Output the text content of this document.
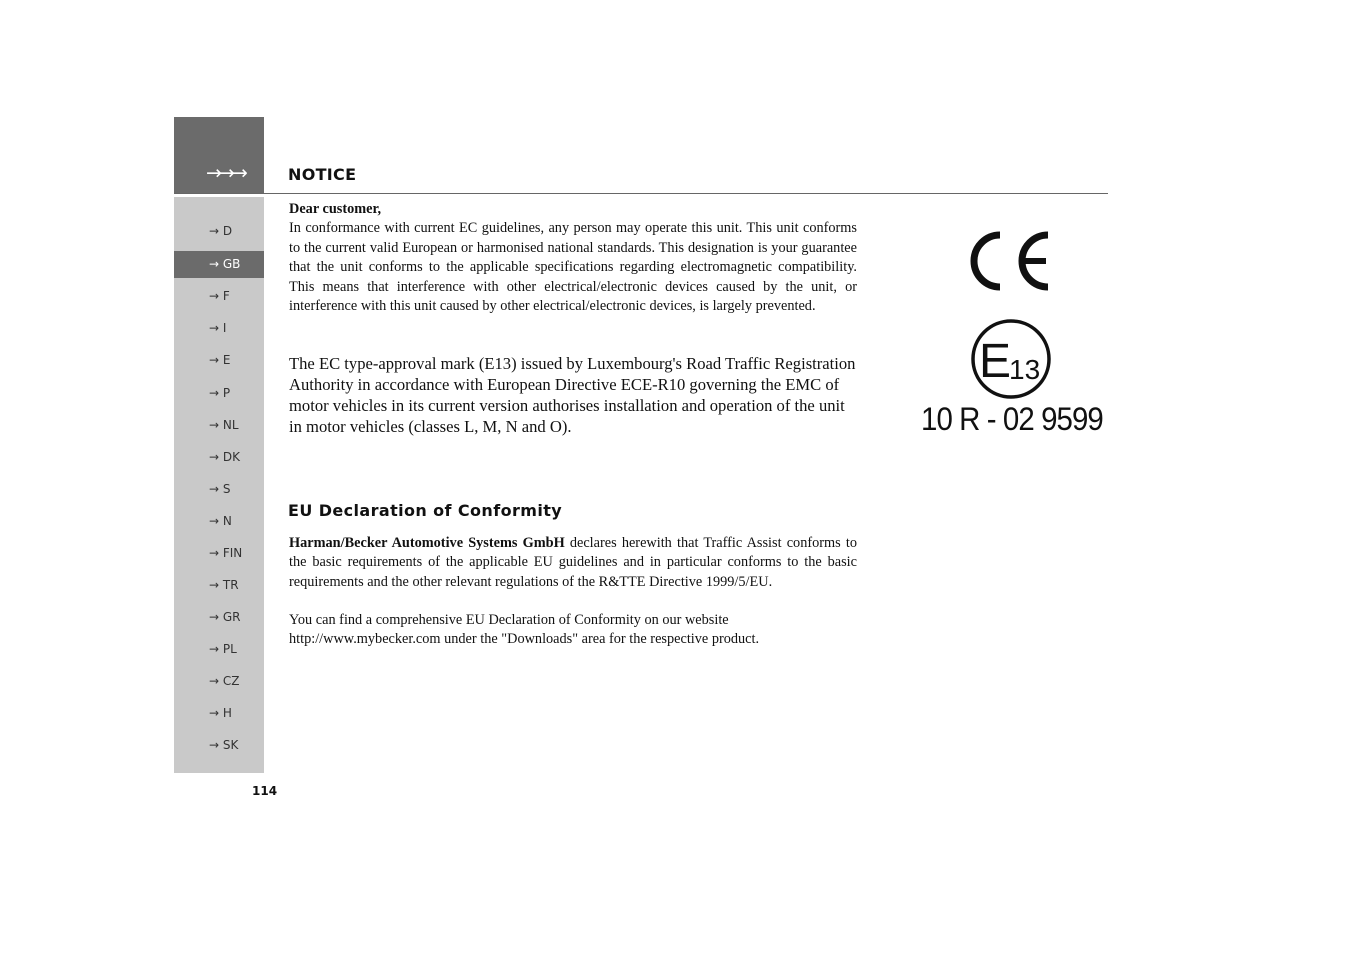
→→→	NOTICE
→ D
→ GB
→ F
→ I
→ E
→ P
→ NL
→ DK
→ S
→ N
→ FIN
→ TR
→ GR
→ PL
→ CZ
→ H
→ SK

Dear customer,

In conformance with current EC guidelines, any person may operate this unit. This unit conforms to the current valid European or harmonised national standards. This designation is your guarantee that the unit conforms to the applicable specifications regarding electromagnetic compatibility. This means that interference with other electrical/electronic devices caused by the unit, or interference with this unit caused by other electrical/electronic devices, is largely prevented.

The EC type-approval mark (E13) issued by Luxembourg's Road Traffic Registration Authority in accordance with European Directive ECE-R10 governing the EMC of motor vehicles in its current version authorises installation and operation of the unit in motor vehicles (classes L, M, N and O).

E
13
10 R - 02 9599
EU Declaration of Conformity

Harman/Becker Automotive Systems GmbH declares herewith that Traffic Assist conforms to the basic requirements of the applicable EU guidelines and in particular conforms to the basic requirements and the other relevant regulations of the R&TTE Directive 1999/5/EU.

You can find a comprehensive EU Declaration of Conformity on our website

http://www.mybecker.com under the "Downloads" area for the respective product.

114
